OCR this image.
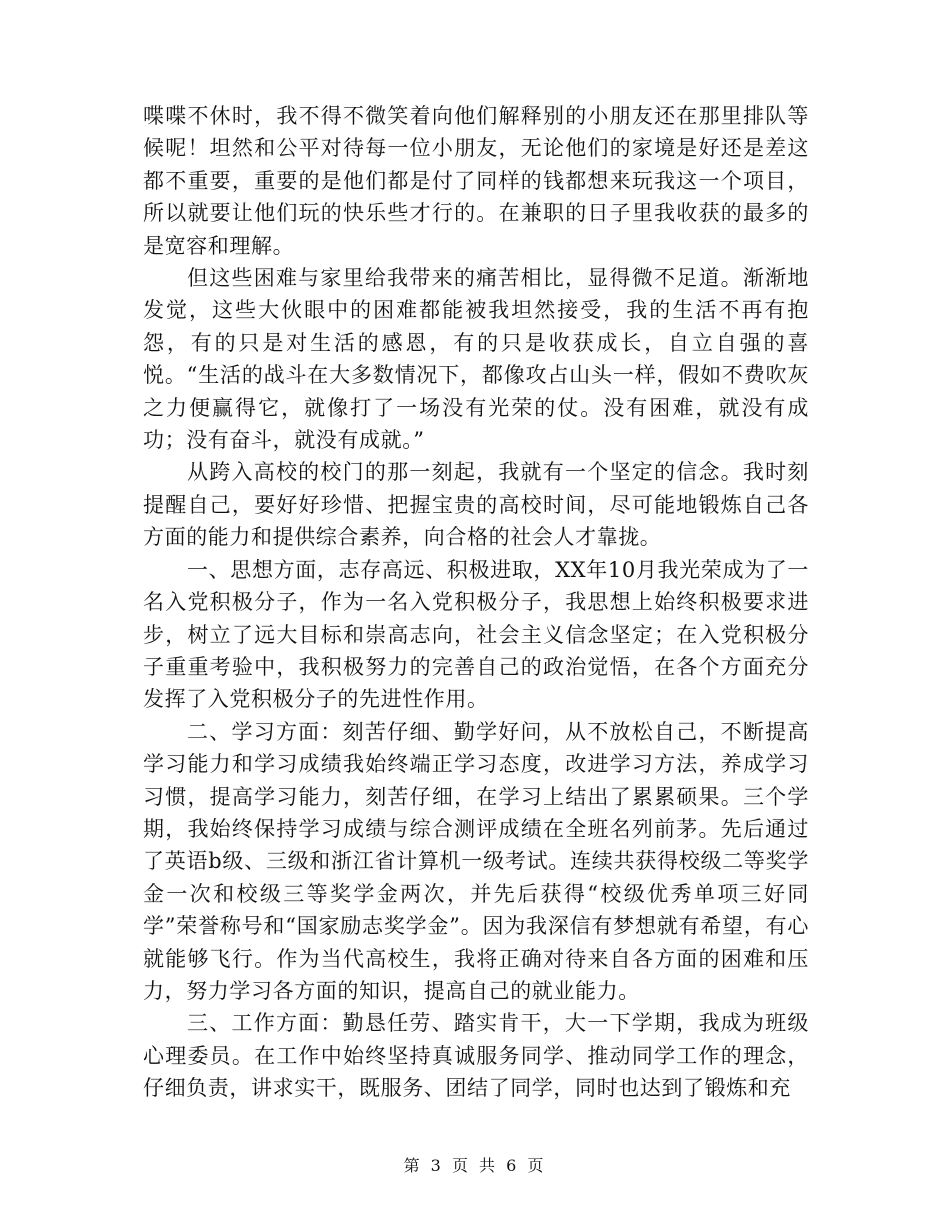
喋喋不休时，我不得不微笑着向他们解释别的小朋友还在那里排队等候呢！坦然和公平对待每一位小朋友，无论他们的家境是好还是差这都不重要，重要的是他们都是付了同样的钱都想来玩我这一个项目，所以就要让他们玩的快乐些才行的。在兼职的日子里我收获的最多的是宽容和理解。

但这些困难与家里给我带来的痛苦相比，显得微不足道。渐渐地发觉，这些大伙眼中的困难都能被我坦然接受，我的生活不再有抱怨，有的只是对生活的感恩，有的只是收获成长，自立自强的喜悦。“生活的战斗在大多数情况下，都像攻占山头一样，假如不费吹灰之力便赢得它，就像打了一场没有光荣的仗。没有困难，就没有成功；没有奋斗，就没有成就。”

从跨入高校的校门的那一刻起，我就有一个坚定的信念。我时刻提醒自己，要好好珍惜、把握宝贵的高校时间，尽可能地锻炼自己各方面的能力和提供综合素养，向合格的社会人才靠拢。

一、思想方面，志存高远、积极进取，XX年10月我光荣成为了一名入党积极分子，作为一名入党积极分子，我思想上始终积极要求进步，树立了远大目标和崇高志向，社会主义信念坚定；在入党积极分子重重考验中，我积极努力的完善自己的政治觉悟，在各个方面充分发挥了入党积极分子的先进性作用。

二、学习方面：刻苦仔细、勤学好问，从不放松自己，不断提高学习能力和学习成绩我始终端正学习态度，改进学习方法，养成学习习惯，提高学习能力，刻苦仔细，在学习上结出了累累硕果。三个学期，我始终保持学习成绩与综合测评成绩在全班名列前茅。先后通过了英语b级、三级和浙江省计算机一级考试。连续共获得校级二等奖学金一次和校级三等奖学金两次，并先后获得“校级优秀单项三好同学”荣誉称号和“国家励志奖学金”。因为我深信有梦想就有希望，有心就能够飞行。作为当代高校生，我将正确对待来自各方面的困难和压力，努力学习各方面的知识，提高自己的就业能力。

三、工作方面：勤恳任劳、踏实肯干，大一下学期，我成为班级心理委员。在工作中始终坚持真诚服务同学、推动同学工作的理念，仔细负责，讲求实干，既服务、团结了同学，同时也达到了锻炼和充

第 3 页 共 6 页
